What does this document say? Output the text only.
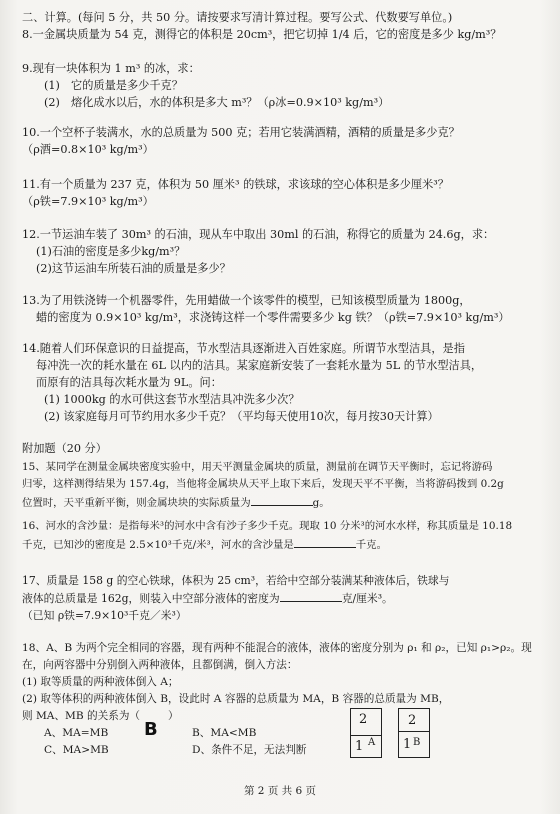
二、计算。(每问 5 分，共 50 分。请按要求写清计算过程。要写公式、代数要写单位。)
8.一金属块质量为 54 克，测得它的体积是 20cm³，把它切掉 1/4 后，它的密度是多少 kg/m³？
9.现有一块体积为 1 m³ 的冰，求：
(1)　它的质量是多少千克？
(2)　熔化成水以后，水的体积是多大 m³？（ρ冰=0.9×10³ kg/m³）
10.一个空杯子装满水，水的总质量为 500 克；若用它装满酒精，酒精的质量是多少克？
（ρ酒=0.8×10³ kg/m³）
11.有一个质量为 237 克，体积为 50 厘米³ 的铁球，求该球的空心体积是多少厘米³？
（ρ铁=7.9×10³ kg/m³）
12.一节运油车装了 30m³ 的石油，现从车中取出 30ml 的石油，称得它的质量为 24.6g，求：
(1)石油的密度是多少kg/m³？
(2)这节运油车所装石油的质量是多少？
13.为了用铁浇铸一个机器零件，先用蜡做一个该零件的模型，已知该模型质量为 1800g，
蜡的密度为 0.9×10³ kg/m³，求浇铸这样一个零件需要多少 kg 铁？（ρ铁=7.9×10³ kg/m³）
14.随着人们环保意识的日益提高，节水型洁具逐渐进入百姓家庭。所谓节水型洁具，是指
每冲洗一次的耗水量在 6L 以内的洁具。某家庭新安装了一套耗水量为 5L 的节水型洁具，
而原有的洁具每次耗水量为 9L。问：
(1) 1000kg 的水可供这套节水型洁具冲洗多少次？
(2) 该家庭每月可节约用水多少千克？（平均每天使用10次，每月按30天计算）
附加题（20 分）
15、某同学在测量金属块密度实验中，用天平测量金属块的质量，测量前在调节天平衡时，忘记将游码
归零，这样测得结果为 157.4g，当他将金属块从天平上取下来后，发现天平不平衡，当将游码拨到 0.2g
位置时，天平重新平衡，则金属块块的实际质量为	g。
16、河水的含沙量：是指每米³的河水中含有沙子多少千克。现取 10 分米³的河水水样，称其质量是 10.18
千克，已知沙的密度是 2.5×10³千克/米³，河水的含沙量是	千克。
17、质量是 158 g 的空心铁球，体积为 25 cm³，若给中空部分装满某种液体后，铁球与
液体的总质量是 162g，则装入中空部分液体的密度为	克/厘米³。
（已知 ρ铁=7.9×10³千克／米³）
18、A、B 为两个完全相同的容器，现有两种不能混合的液体，液体的密度分别为 ρ₁ 和 ρ₂，已知 ρ₁>ρ₂。现
在，向两容器中分别倒入两种液体，且都倒满，倒入方法：
(1) 取等质量的两种液体倒入 A；
(2) 取等体积的两种液体倒入 B，设此时 A 容器的总质量为 MA，B 容器的总质量为 MB，
则 MA、MB 的关系为（	）
A、MA=MB	B、MA<MB
C、MA>MB	D、条件不足，无法判断
B	2
1 A
2
1 B
第 2 页 共 6 页
